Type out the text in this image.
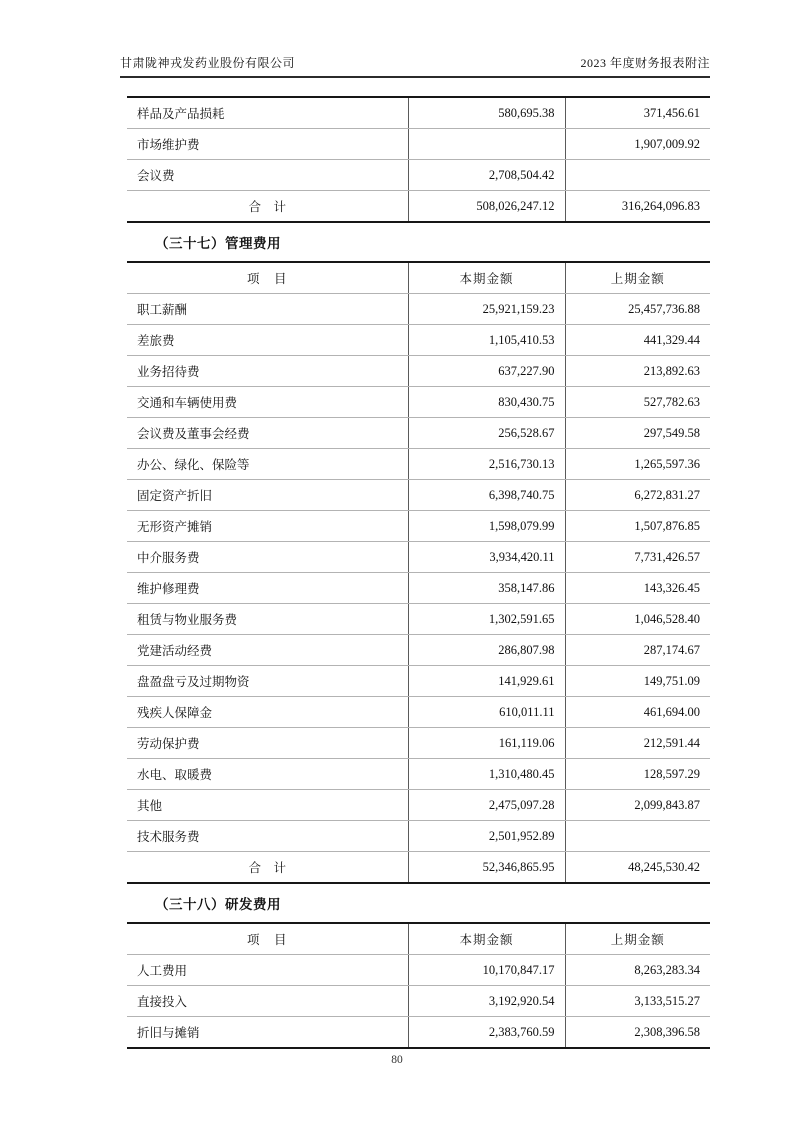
甘肃陇神戎发药业股份有限公司	2023 年度财务报表附注
样品及产品损耗	580,695.38	371,456.61
市场维护费		1,907,009.92
会议费	2,708,504.42	
合　计	508,026,247.12	316,264,096.83
（三十七）管理费用
项　目	本期金额	上期金额
职工薪酬	25,921,159.23	25,457,736.88
差旅费	1,105,410.53	441,329.44
业务招待费	637,227.90	213,892.63
交通和车辆使用费	830,430.75	527,782.63
会议费及董事会经费	256,528.67	297,549.58
办公、绿化、保险等	2,516,730.13	1,265,597.36
固定资产折旧	6,398,740.75	6,272,831.27
无形资产摊销	1,598,079.99	1,507,876.85
中介服务费	3,934,420.11	7,731,426.57
维护修理费	358,147.86	143,326.45
租赁与物业服务费	1,302,591.65	1,046,528.40
党建活动经费	286,807.98	287,174.67
盘盈盘亏及过期物资	141,929.61	149,751.09
残疾人保障金	610,011.11	461,694.00
劳动保护费	161,119.06	212,591.44
水电、取暖费	1,310,480.45	128,597.29
其他	2,475,097.28	2,099,843.87
技术服务费	2,501,952.89	
合　计	52,346,865.95	48,245,530.42
（三十八）研发费用
项　目	本期金额	上期金额
人工费用	10,170,847.17	8,263,283.34
直接投入	3,192,920.54	3,133,515.27
折旧与摊销	2,383,760.59	2,308,396.58
80
